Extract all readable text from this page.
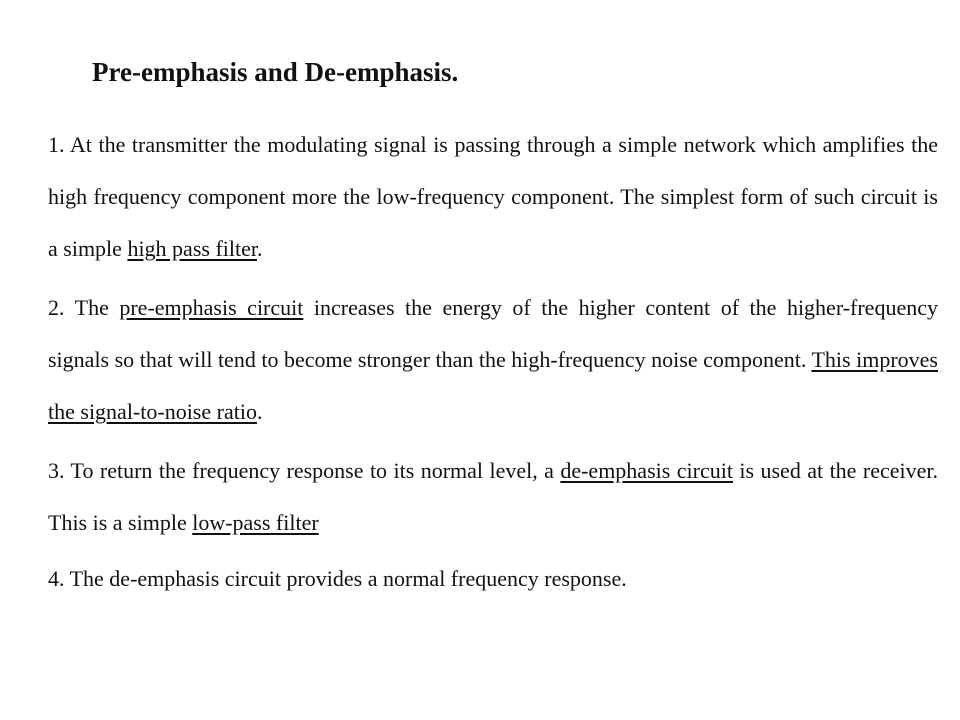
Pre-emphasis and De-emphasis.

1. At the transmitter the modulating signal is passing through a simple network which amplifies the high frequency component more the low-frequency component. The simplest form of such circuit is a simple high pass filter.

2. The pre-emphasis circuit increases the energy of the higher content of the higher-frequency signals so that will tend to become stronger than the high-frequency noise component. This improves the signal-to-noise ratio.

3. To return the frequency response to its normal level, a de-emphasis circuit is used at the receiver. This is a simple low-pass filter

4. The de-emphasis circuit provides a normal frequency response.
